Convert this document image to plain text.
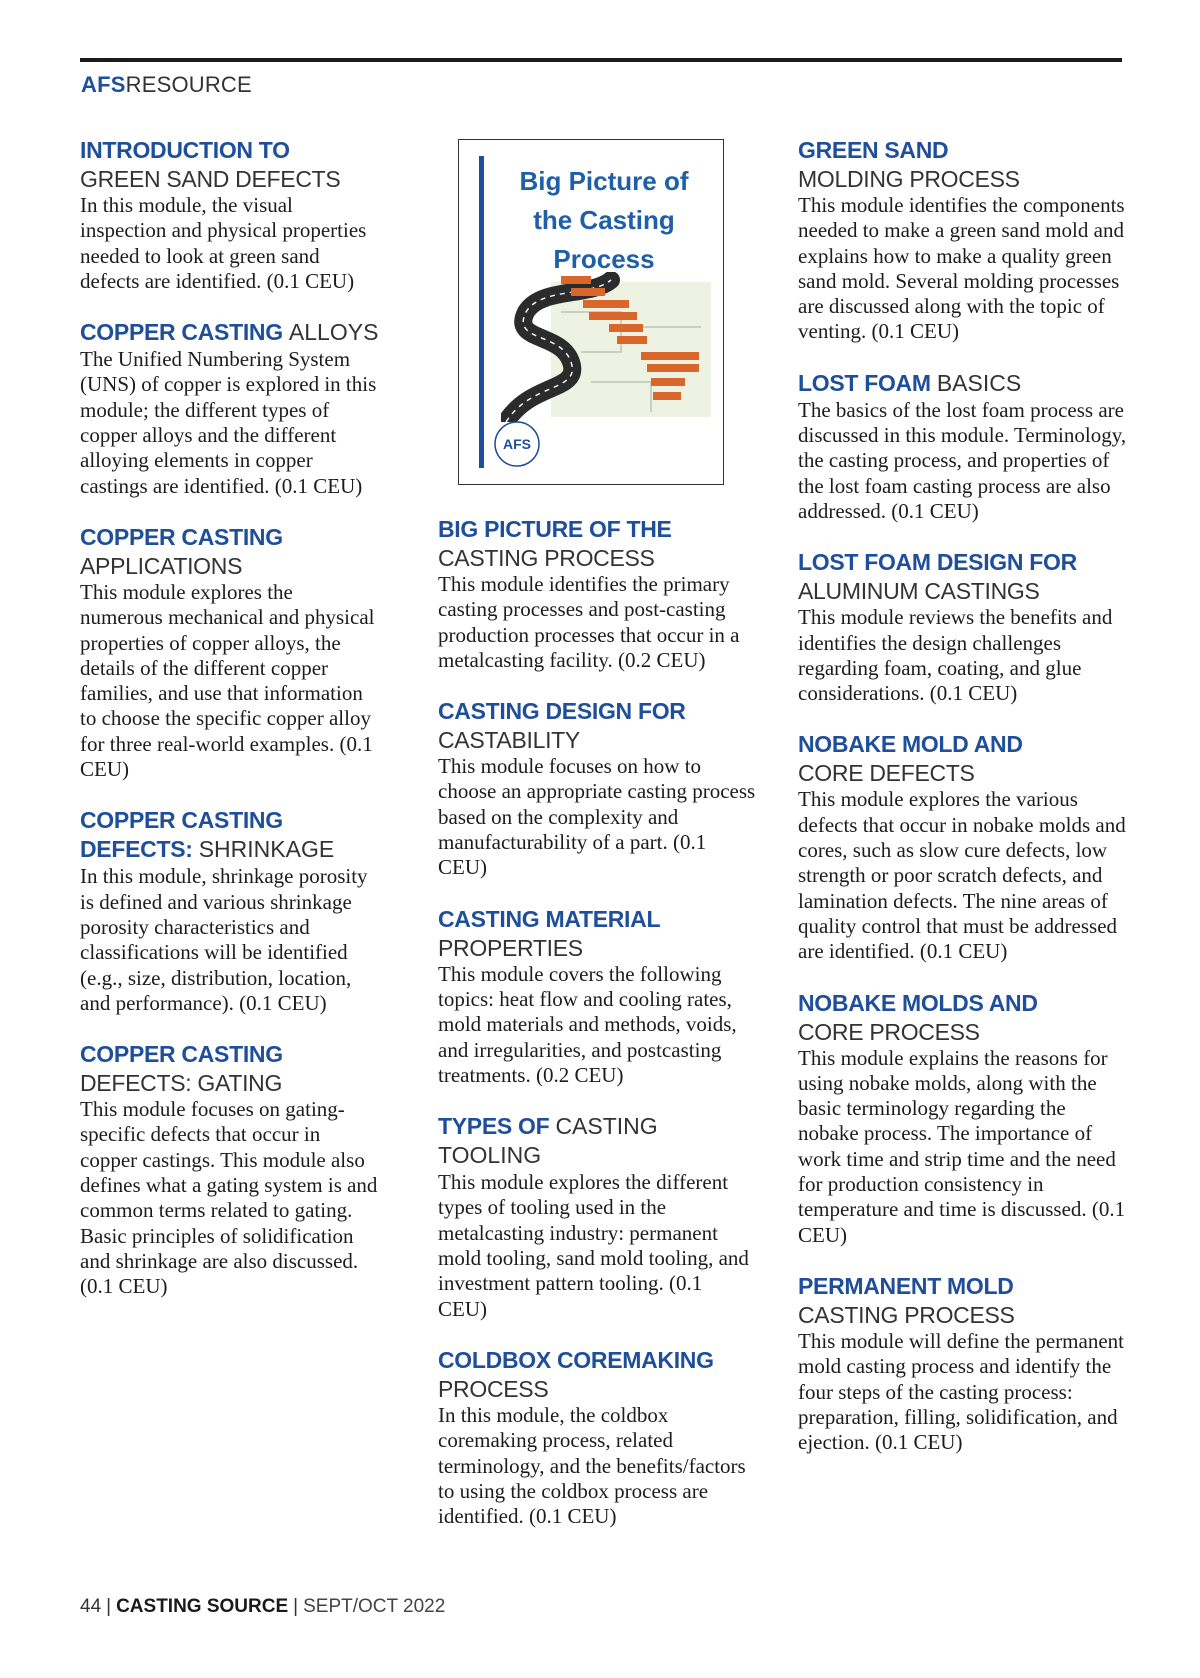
AFSRESOURCE
INTRODUCTION TO
GREEN SAND DEFECTS

In this module, the visual inspection and physical properties needed to look at green sand defects are identified. (0.1 CEU)

COPPER CASTING ALLOYS

The Unified Numbering System (UNS) of copper is explored in this module; the different types of copper alloys and the different alloying elements in copper castings are identified. (0.1 CEU)

COPPER CASTING
APPLICATIONS

This module explores the numerous mechanical and physical properties of copper alloys, the details of the different copper families, and use that information to choose the specific copper alloy for three real-world examples. (0.1 CEU)

COPPER CASTING DEFECTS: SHRINKAGE

In this module, shrinkage porosity is defined and various shrinkage porosity characteristics and classifications will be identified (e.g., size, distribution, location, and performance). (0.1 CEU)

COPPER CASTING
DEFECTS: GATING

This module focuses on gating-specific defects that occur in copper castings. This module also defines what a gating system is and common terms related to gating. Basic principles of solidification and shrinkage are also discussed. (0.1 CEU)

Big Picture of the Casting Process
AFS
BIG PICTURE OF THE
CASTING PROCESS

This module identifies the primary casting processes and post-casting production processes that occur in a metalcasting facility. (0.2 CEU)

CASTING DESIGN FOR
CASTABILITY

This module focuses on how to choose an appropriate casting process based on the complexity and manufacturability of a part. (0.1 CEU)

CASTING MATERIAL
PROPERTIES

This module covers the following topics: heat flow and cooling rates, mold materials and methods, voids, and irregularities, and postcasting treatments. (0.2 CEU)

TYPES OF CASTING TOOLING

This module explores the different types of tooling used in the metalcasting industry: permanent mold tooling, sand mold tooling, and investment pattern tooling. (0.1 CEU)

COLDBOX COREMAKING
PROCESS

In this module, the coldbox coremaking process, related terminology, and the benefits/factors to using the coldbox process are identified. (0.1 CEU)

GREEN SAND
MOLDING PROCESS

This module identifies the components needed to make a green sand mold and explains how to make a quality green sand mold. Several molding processes are discussed along with the topic of venting. (0.1 CEU)

LOST FOAM BASICS

The basics of the lost foam process are discussed in this module. Terminology, the casting process, and properties of the lost foam casting process are also addressed. (0.1 CEU)

LOST FOAM DESIGN FOR
ALUMINUM CASTINGS

This module reviews the benefits and identifies the design challenges regarding foam, coating, and glue considerations. (0.1 CEU)

NOBAKE MOLD AND
CORE DEFECTS

This module explores the various defects that occur in nobake molds and cores, such as slow cure defects, low strength or poor scratch defects, and lamination defects. The nine areas of quality control that must be addressed are identified. (0.1 CEU)

NOBAKE MOLDS AND
CORE PROCESS

This module explains the reasons for using nobake molds, along with the basic terminology regarding the nobake process. The importance of work time and strip time and the need for production consistency in temperature and time is discussed. (0.1 CEU)

PERMANENT MOLD
CASTING PROCESS

This module will define the permanent mold casting process and identify the four steps of the casting process: preparation, filling, solidification, and ejection. (0.1 CEU)

44 | CASTING SOURCE | SEPT/OCT 2022
